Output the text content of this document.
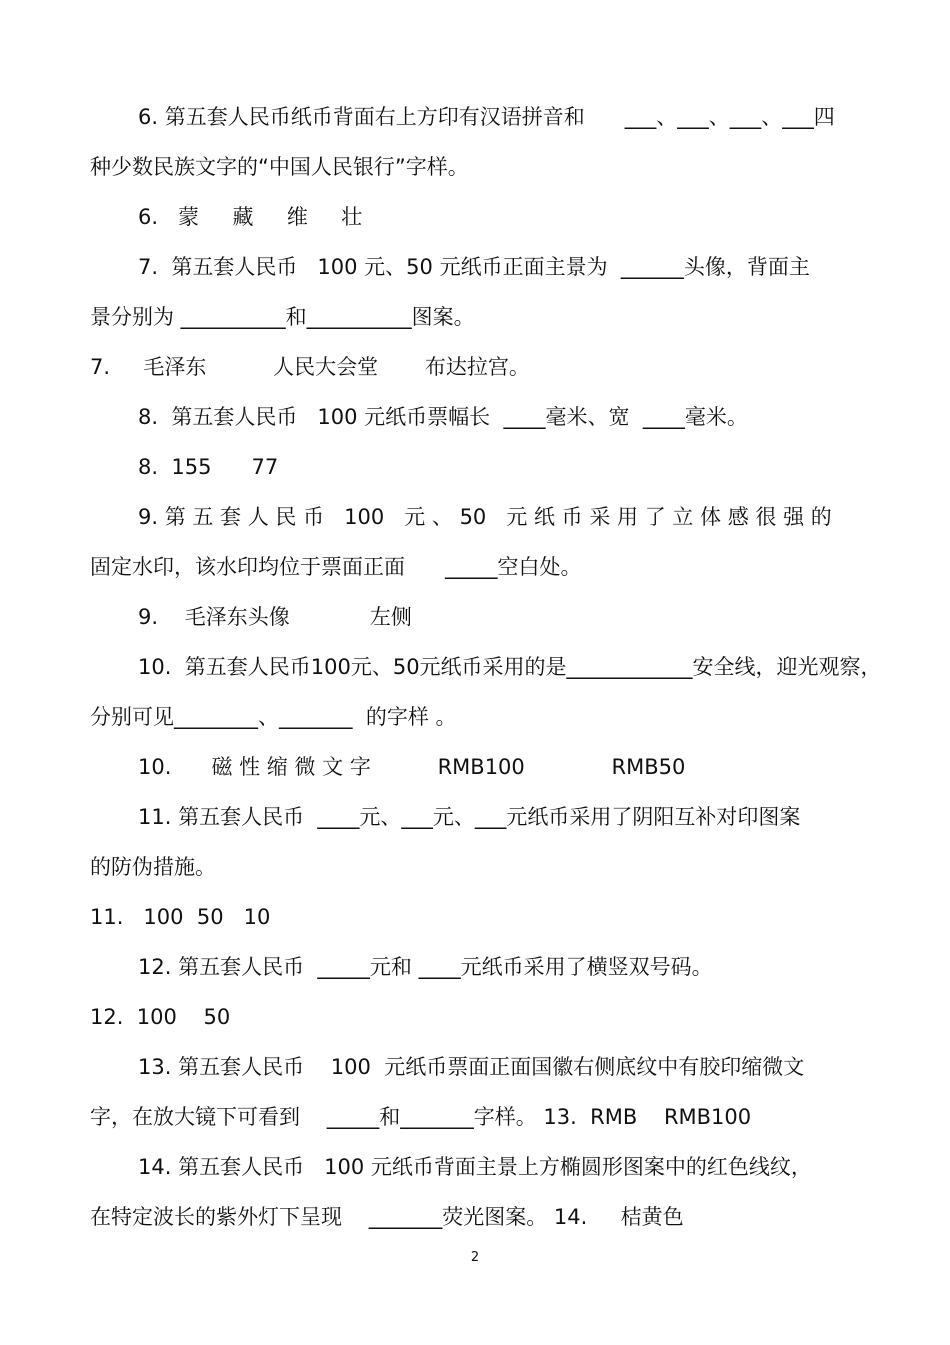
6. 第五套人民币纸币背面右上方印有汉语拼音和      ___、___、___、___四
种少数民族文字的“中国人民银行”字样。
6.   蒙     藏     维     壮
7.  第五套人民币   100 元、50 元纸币正面主景为  ______头像，背面主
景分别为 __________和__________图案。
7.     毛泽东          人民大会堂       布达拉宫。
8.  第五套人民币   100 元纸币票幅长  ____毫米、宽  ____毫米。
8.  155      77
9. 第 五 套 人 民 币   100   元 、 50   元 纸 币 采 用 了 立 体 感 很 强 的
固定水印，该水印均位于票面正面      _____空白处。
9.    毛泽东头像            左侧
10.  第五套人民币100元、50元纸币采用的是____________安全线，迎光观察，
分别可见________、_______  的字样 。
10.      磁 性 缩 微 文 字          RMB100             RMB50
11. 第五套人民币  ____元、___元、___元纸币采用了阴阳互补对印图案
的防伪措施。
11.   100  50   10
12. 第五套人民币  _____元和 ____元纸币采用了横竖双号码。
12.  100    50
13. 第五套人民币    100  元纸币票面正面国徽右侧底纹中有胶印缩微文
字，在放大镜下可看到    _____和_______字样。 13.  RMB    RMB100
14. 第五套人民币   100 元纸币背面主景上方椭圆形图案中的红色线纹，
在特定波长的紫外灯下呈现    _______荧光图案。 14.     桔黄色
2
